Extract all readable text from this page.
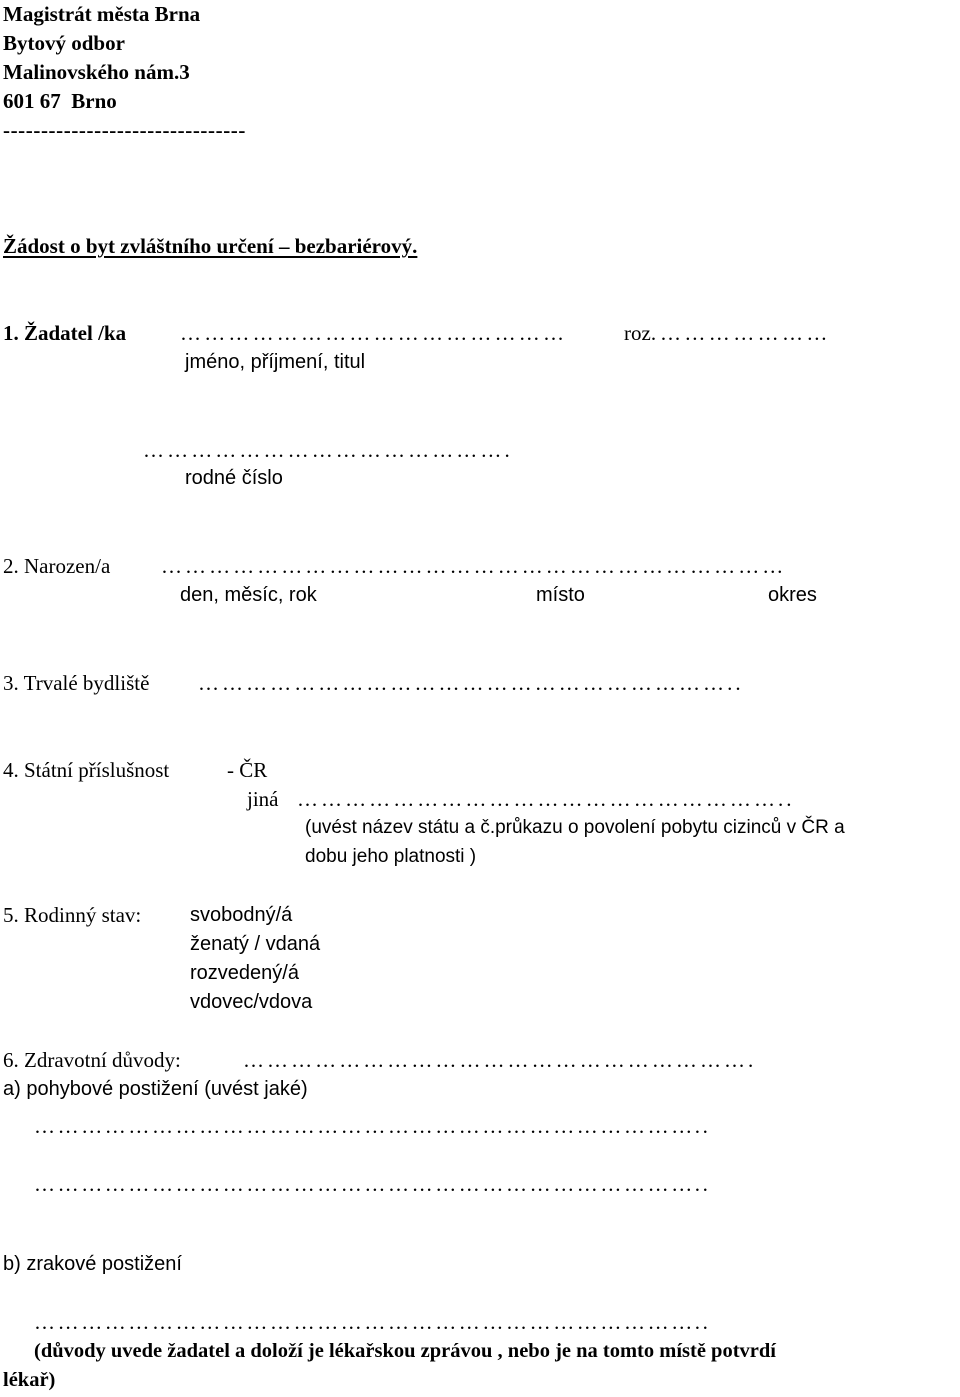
Magistrát města Brna
Bytový odbor
Malinovského nám.3
601 67  Brno
--------------------------------
Žádost o byt zvláštního určení – bezbariérový.
1. Žadatel /ka	…………………………………………	roz. …………………
jméno, příjmení, titul
……………………………………….
rodné číslo
2. Narozen/a ……………………………………………………………………
den, měsíc, rok	místo	okres
3. Trvalé bydliště …………………………………………………………..
4. Státní příslušnost	- ČR
jiná ……………………………………………………..
(uvést název státu a č.průkazu o povolení pobytu cizinců v ČR a
dobu jeho platnosti )
5. Rodinný stav: svobodný/á
ženatý / vdaná
rozvedený/á
vdovec/vdova
6. Zdravotní důvody:	……………………………………………………….
a) pohybové postižení (uvést jaké)
…………………………………………………………………………..
…………………………………………………………………………..
b) zrakové postižení
…………………………………………………………………………..
(důvody uvede žadatel a doloží je lékařskou zprávou , nebo je na tomto místě potvrdí
lékař)
